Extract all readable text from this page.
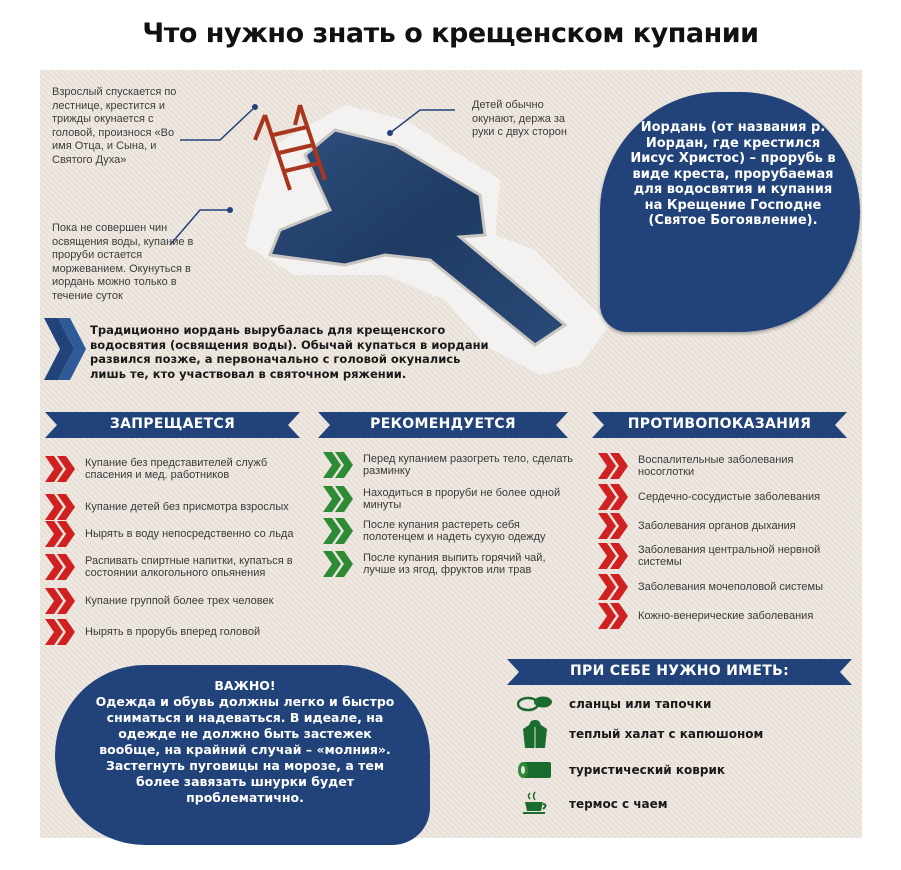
Что нужно знать о крещенском купании
Взрослый спускается по лестнице, крестится и трижды окунается с головой, произнося «Во имя Отца, и Сына, и Святого Духа»
Детей обычно окунают, держа за руки с двух сторон
Пока не совершен чин освящения воды, купание в проруби остается моржеванием. Окунуться в иордань можно только в течение суток
Иордань (от названия р. Иордан, где крестился Иисус Христос) – прорубь в виде креста, прорубаемая для водосвятия и купания на Крещение Господне (Святое Богоявление).
Традиционно иордань вырубалась для крещенского водосвятия (освящения воды). Обычай купаться в иордани развился позже, а первоначально с головой окунались лишь те, кто участвовал в святочном ряжении.
ЗАПРЕЩАЕТСЯ	РЕКОМЕНДУЕТСЯ	ПРОТИВОПОКАЗАНИЯ
Купание без представителей служб спасения и мед. работников
Купание детей без присмотра взрослых
Нырять в воду непосредственно со льда
Распивать спиртные напитки, купаться в состоянии алкогольного опьянения
Купание группой более трех человек
Нырять в прорубь вперед головой
Перед купанием разогреть тело, сделать разминку
Находиться в проруби не более одной минуты
После купания растереть себя полотенцем и надеть сухую одежду
После купания выпить горячий чай, лучше из ягод, фруктов или трав
Воспалительные заболевания носоглотки
Сердечно-сосудистые заболевания
Заболевания органов дыхания
Заболевания центральной нервной системы
Заболевания мочеполовой системы
Кожно-венерические заболевания
ВАЖНО!
Одежда и обувь должны легко и быстро сниматься и надеваться. В идеале, на одежде не должно быть застежек вообще, на крайний случай – «молния». Застегнуть пуговицы на морозе, а тем более завязать шнурки будет проблематично.
ПРИ СЕБЕ НУЖНО ИМЕТЬ:
сланцы или тапочки
теплый халат с капюшоном
туристический коврик
термос с чаем
